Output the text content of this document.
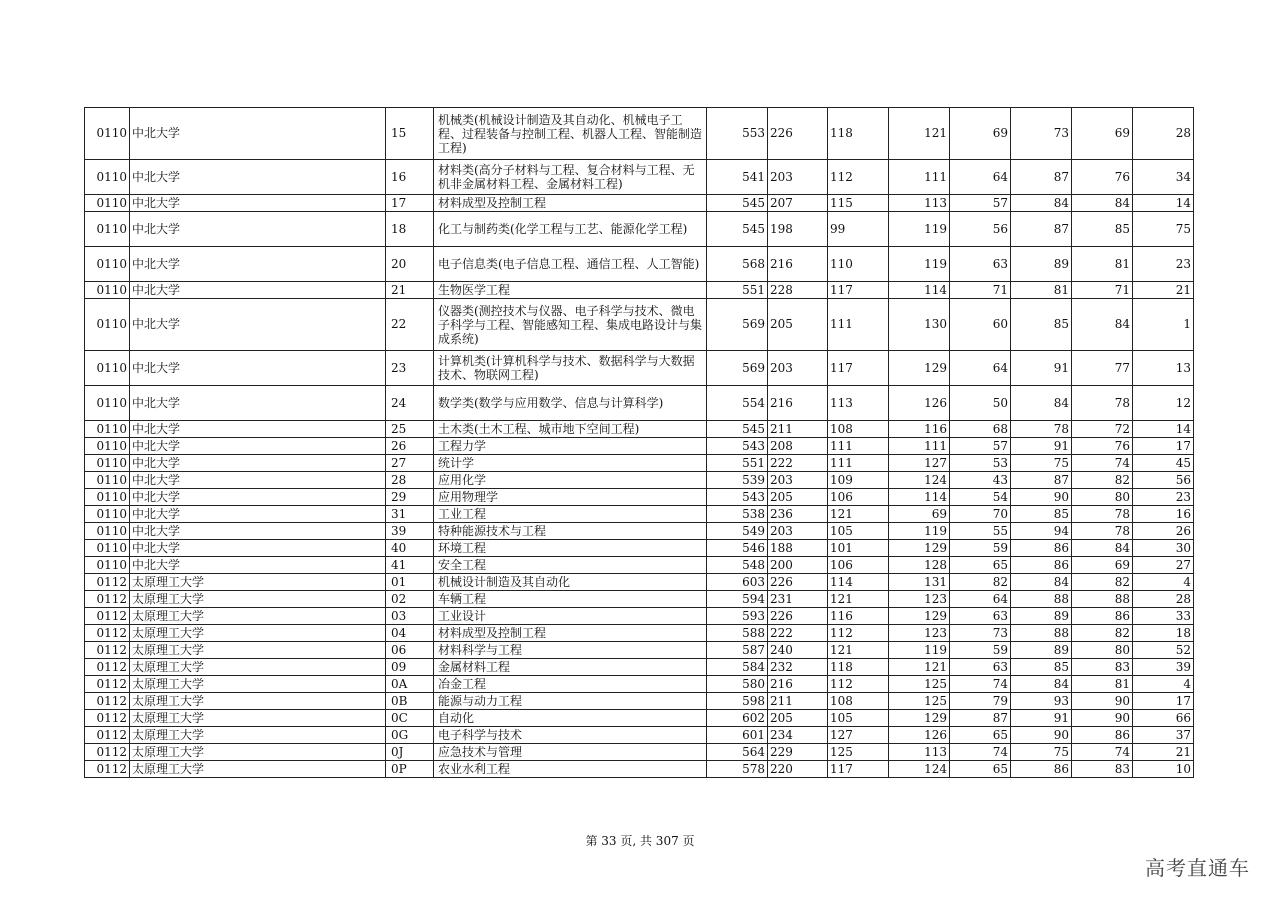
0110	中北大学	15	机械类(机械设计制造及其自动化、机械电子工程、过程装备与控制工程、机器人工程、智能制造工程)	553	226	118	121	69	73	69	28
0110	中北大学	16	材料类(高分子材料与工程、复合材料与工程、无机非金属材料工程、金属材料工程)	541	203	112	111	64	87	76	34
0110	中北大学	17	材料成型及控制工程	545	207	115	113	57	84	84	14
0110	中北大学	18	化工与制药类(化学工程与工艺、能源化学工程)	545	198	99	119	56	87	85	75
0110	中北大学	20	电子信息类(电子信息工程、通信工程、人工智能)	568	216	110	119	63	89	81	23
0110	中北大学	21	生物医学工程	551	228	117	114	71	81	71	21
0110	中北大学	22	仪器类(测控技术与仪器、电子科学与技术、微电子科学与工程、智能感知工程、集成电路设计与集成系统)	569	205	111	130	60	85	84	1
0110	中北大学	23	计算机类(计算机科学与技术、数据科学与大数据技术、物联网工程)	569	203	117	129	64	91	77	13
0110	中北大学	24	数学类(数学与应用数学、信息与计算科学)	554	216	113	126	50	84	78	12
0110	中北大学	25	土木类(土木工程、城市地下空间工程)	545	211	108	116	68	78	72	14
0110	中北大学	26	工程力学	543	208	111	111	57	91	76	17
0110	中北大学	27	统计学	551	222	111	127	53	75	74	45
0110	中北大学	28	应用化学	539	203	109	124	43	87	82	56
0110	中北大学	29	应用物理学	543	205	106	114	54	90	80	23
0110	中北大学	31	工业工程	538	236	121	69	70	85	78	16
0110	中北大学	39	特种能源技术与工程	549	203	105	119	55	94	78	26
0110	中北大学	40	环境工程	546	188	101	129	59	86	84	30
0110	中北大学	41	安全工程	548	200	106	128	65	86	69	27
0112	太原理工大学	01	机械设计制造及其自动化	603	226	114	131	82	84	82	4
0112	太原理工大学	02	车辆工程	594	231	121	123	64	88	88	28
0112	太原理工大学	03	工业设计	593	226	116	129	63	89	86	33
0112	太原理工大学	04	材料成型及控制工程	588	222	112	123	73	88	82	18
0112	太原理工大学	06	材料科学与工程	587	240	121	119	59	89	80	52
0112	太原理工大学	09	金属材料工程	584	232	118	121	63	85	83	39
0112	太原理工大学	0A	冶金工程	580	216	112	125	74	84	81	4
0112	太原理工大学	0B	能源与动力工程	598	211	108	125	79	93	90	17
0112	太原理工大学	0C	自动化	602	205	105	129	87	91	90	66
0112	太原理工大学	0G	电子科学与技术	601	234	127	126	65	90	86	37
0112	太原理工大学	0J	应急技术与管理	564	229	125	113	74	75	74	21
0112	太原理工大学	0P	农业水利工程	578	220	117	124	65	86	83	10
第 33 页, 共 307 页
高考直通车
